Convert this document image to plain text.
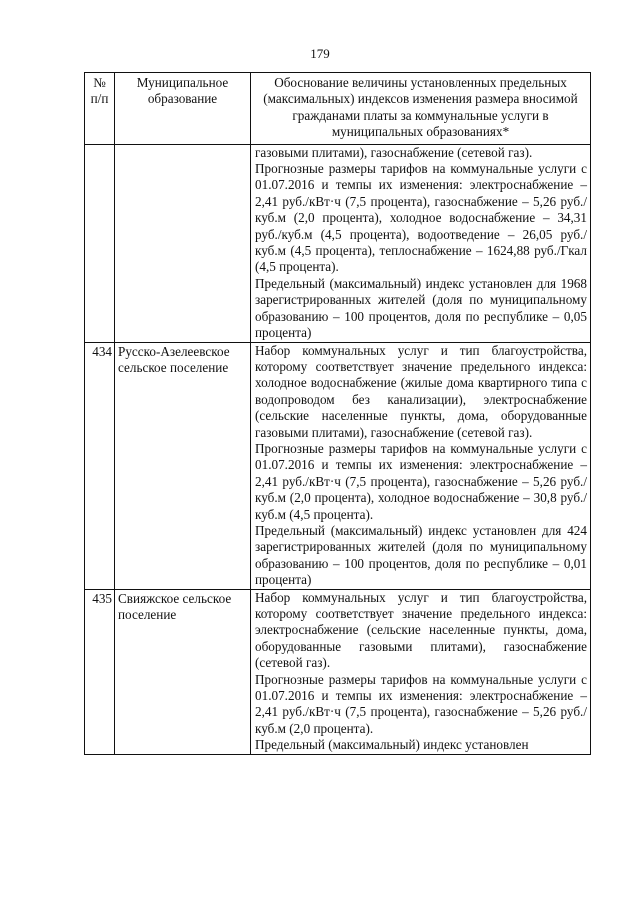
179
№ п/п	Муниципальное образование	Обоснование величины установленных предельных (максимальных) индексов изменения размера вносимой гражданами платы за коммунальные услуги в муниципальных образованиях*

		газовыми плитами), газоснабжение (сетевой газ).
Прогнозные размеры тарифов на коммунальные услуги с 01.07.2016 и темпы их изменения: электроснабжение – 2,41 руб./кВт·ч (7,5 процента), газоснабжение – 5,26 руб./куб.м (2,0 процента), холодное водоснабжение – 34,31 руб./куб.м (4,5 процента), водоотведение – 26,05 руб./куб.м (4,5 процента), теплоснабжение – 1624,88 руб./Гкал (4,5 процента).
Предельный (максимальный) индекс установлен для 1968 зарегистрированных жителей (доля по муниципальному образованию – 100 процентов, доля по республике – 0,05 процента)

434	Русско-Азелеевское сельское поселение	Набор коммунальных услуг и тип благоустройства, которому соответствует значение предельного индекса: холодное водоснабжение (жилые дома квартирного типа с водопроводом без канализации), электроснабжение (сельские населенные пункты, дома, оборудованные газовыми плитами), газоснабжение (сетевой газ).
Прогнозные размеры тарифов на коммунальные услуги с 01.07.2016 и темпы их изменения: электроснабжение – 2,41 руб./кВт·ч (7,5 процента), газоснабжение – 5,26 руб./куб.м (2,0 процента), холодное водоснабжение – 30,8 руб./куб.м (4,5 процента).
Предельный (максимальный) индекс установлен для 424 зарегистрированных жителей (доля по муниципальному образованию – 100 процентов, доля по республике – 0,01 процента)

435	Свияжское сельское поселение	Набор коммунальных услуг и тип благоустройства, которому соответствует значение предельного индекса: электроснабжение (сельские населенные пункты, дома, оборудованные газовыми плитами), газоснабжение (сетевой газ).
Прогнозные размеры тарифов на коммунальные услуги с 01.07.2016 и темпы их изменения: электроснабжение – 2,41 руб./кВт·ч (7,5 процента), газоснабжение – 5,26 руб./куб.м (2,0 процента).
Предельный (максимальный) индекс установлен
